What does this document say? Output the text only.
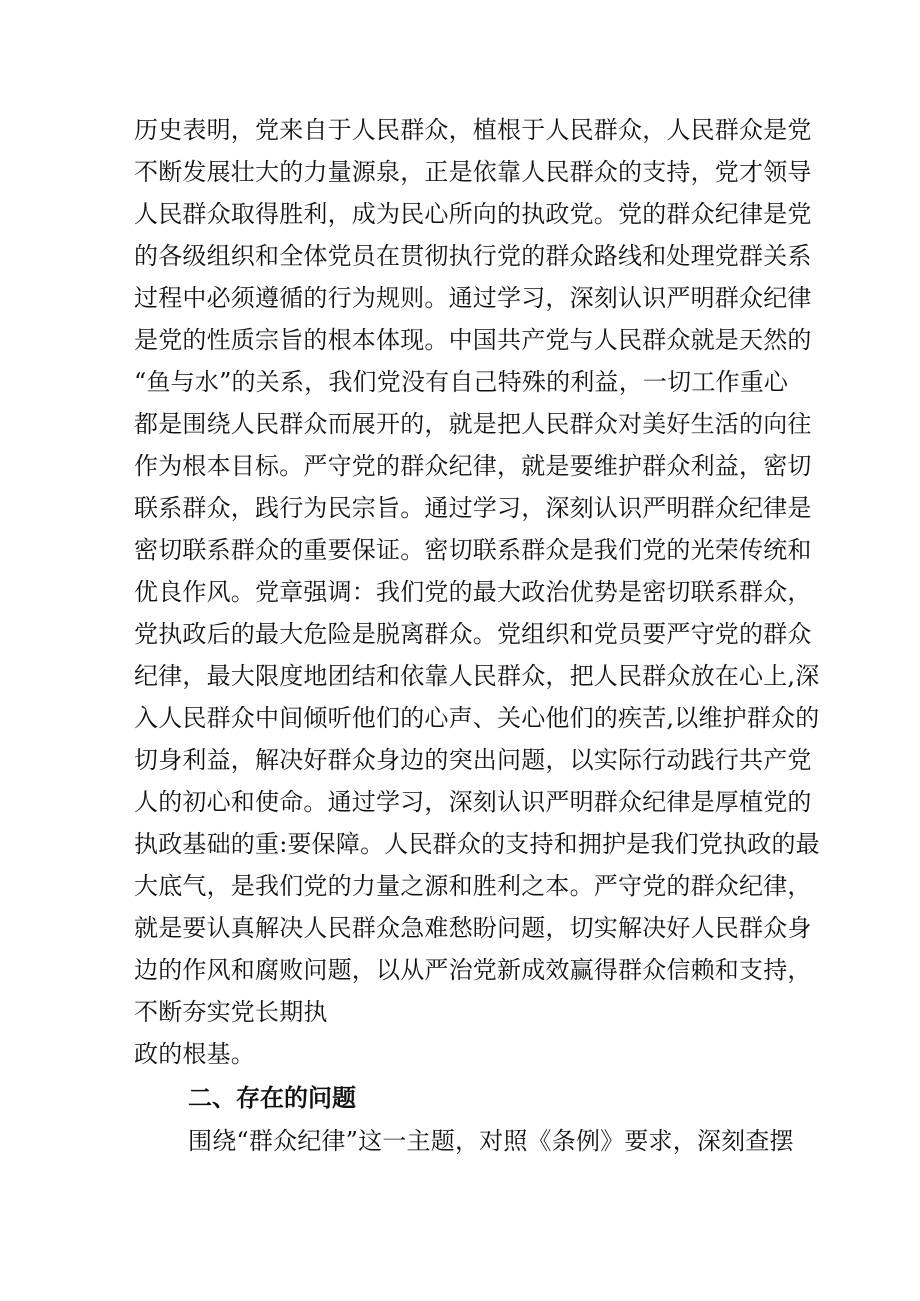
历史表明，党来自于人民群众，植根于人民群众，人民群众是党
不断发展壮大的力量源泉，正是依靠人民群众的支持，党才领导
人民群众取得胜利，成为民心所向的执政党。党的群众纪律是党
的各级组织和全体党员在贯彻执行党的群众路线和处理党群关系
过程中必须遵循的行为规则。通过学习，深刻认识严明群众纪律
是党的性质宗旨的根本体现。中国共产党与人民群众就是天然的
“鱼与水”的关系，我们党没有自己特殊的利益，一切工作重心
都是围绕人民群众而展开的，就是把人民群众对美好生活的向往
作为根本目标。严守党的群众纪律，就是要维护群众利益，密切
联系群众，践行为民宗旨。通过学习，深刻认识严明群众纪律是
密切联系群众的重要保证。密切联系群众是我们党的光荣传统和
优良作风。党章强调：我们党的最大政治优势是密切联系群众，
党执政后的最大危险是脱离群众。党组织和党员要严守党的群众
纪律，最大限度地团结和依靠人民群众，把人民群众放在心上,深
入人民群众中间倾听他们的心声、关心他们的疾苦,以维护群众的
切身利益，解决好群众身边的突出问题，以实际行动践行共产党
人的初心和使命。通过学习，深刻认识严明群众纪律是厚植党的
执政基础的重:要保障。人民群众的支持和拥护是我们党执政的最
大底气，是我们党的力量之源和胜利之本。严守党的群众纪律，
就是要认真解决人民群众急难愁盼问题，切实解决好人民群众身
边的作风和腐败问题，以从严治党新成效赢得群众信赖和支持，
不断夯实党长期执
政的根基。
二、存在的问题
围绕“群众纪律”这一主题，对照《条例》要求，深刻查摆
